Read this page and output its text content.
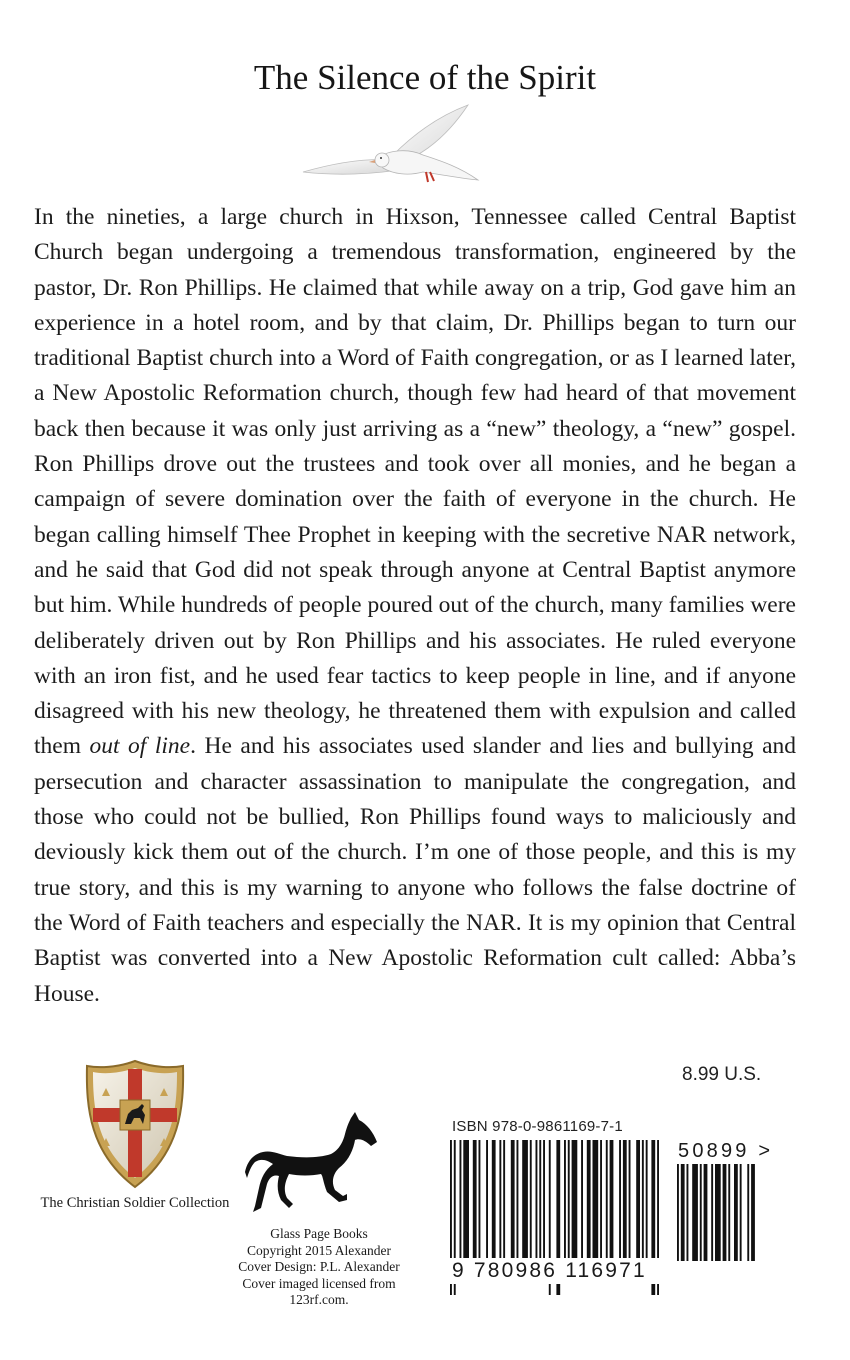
The Silence of the Spirit

In the nineties, a large church in Hixson, Tennessee called Central Baptist Church began undergoing a tremendous transformation, engineered by the pastor, Dr. Ron Phillips. He claimed that while away on a trip, God gave him an experience in a hotel room, and by that claim, Dr. Phillips began to turn our traditional Baptist church into a Word of Faith congregation, or as I learned later, a New Apostolic Reformation church, though few had heard of that movement back then because it was only just arriving as a “new” theology, a “new” gospel. Ron Phillips drove out the trustees and took over all monies, and he began a campaign of severe domination over the faith of everyone in the church. He began calling himself Thee Prophet in keeping with the secretive NAR network, and he said that God did not speak through anyone at Central Baptist anymore but him. While hundreds of people poured out of the church, many families were deliberately driven out by Ron Phillips and his associates. He ruled everyone with an iron fist, and he used fear tactics to keep people in line, and if anyone disagreed with his new theology, he threatened them with expulsion and called them out of line. He and his associates used slander and lies and bullying and persecution and character assassination to manipulate the congregation, and those who could not be bullied, Ron Phillips found ways to maliciously and deviously kick them out of the church. I’m one of those people, and this is my true story, and this is my warning to anyone who follows the false doctrine of the Word of Faith teachers and especially the NAR. It is my opinion that Central Baptist was converted into a New Apostolic Reformation cult called: Abba’s House.

8.99 U.S.
The Christian Soldier Collection
Glass Page Books
Copyright 2015 Alexander
Cover Design: P.L. Alexander
Cover imaged licensed from
123rf.com.
ISBN 978-0-9861169-7-1
9 780986 116971
50899 >
